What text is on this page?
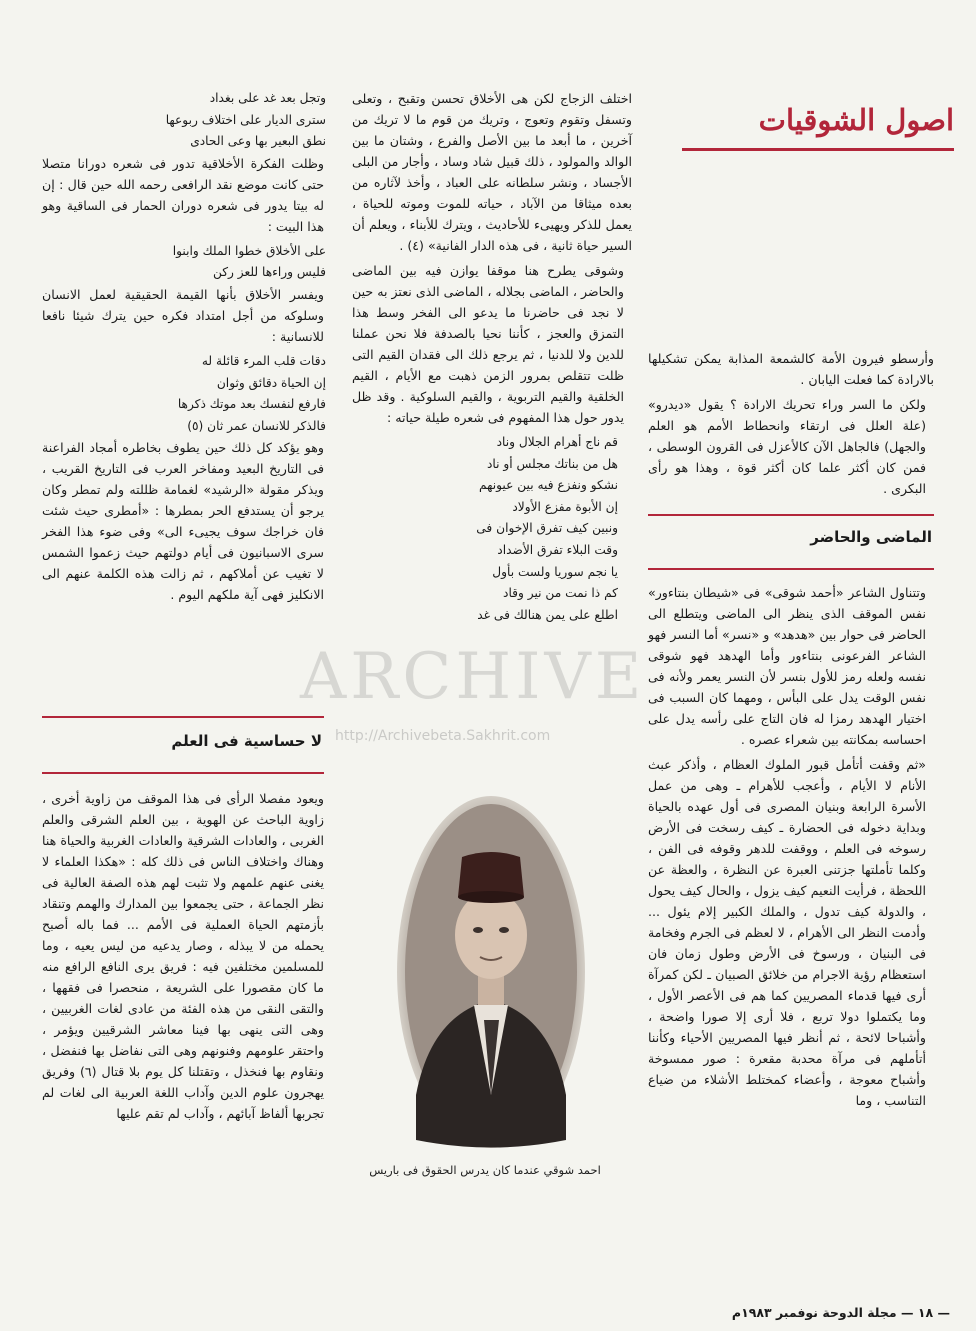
اصول الشوقيات
وتجل بعد غد على بغداد
سترى الديار على اختلاف ربوعها
نطق البعير بها وعى الحادى

وظلت الفكرة الأخلاقية تدور فى شعره دورانا متصلا حتى كانت موضع نقد الرافعى رحمه الله حين قال : إن له بيتا يدور فى شعره دوران الحمار فى الساقية وهو هذا البيت :

على الأخلاق خطوا الملك وابنوا
فليس وراءها للعز ركن

ويفسر الأخلاق بأنها القيمة الحقيقية لعمل الانسان وسلوكه من أجل امتداد فكره حين يترك شيئا نافعا للانسانية :

دقات قلب المرء قائلة له
إن الحياة دقائق وثوان
فارفع لنفسك بعد موتك ذكرها
فالذكر للانسان عمر ثان (٥)

وهو يؤكد كل ذلك حين يطوف بخاطره أمجاد الفراعنة فى التاريخ البعيد ومفاخر العرب فى التاريخ القريب ، ويذكر مقولة «الرشيد» لغمامة ظللته ولم تمطر وكان يرجو أن يستدفع الحر بمطرها : «أمطرى حيث شئت فان خراجك سوف يجيىء الى» وفى ضوء هذا الفخر سرى الاسبانيون فى أيام دولتهم حيث زعموا الشمس لا تغيب عن أملاكهم ، ثم زالت هذه الكلمة عنهم الى الانكليز فهى آية ملكهم اليوم .

لا حساسية فى العلم

ويعود مفصلا الرأى فى هذا الموقف من زاوية أخرى ، زاوية الباحث عن الهوية ، بين العلم الشرقى والعلم الغربى ، والعادات الشرقية والعادات الغربية والحياة هنا وهناك واختلاف الناس فى ذلك كله : «هكذا العلماء لا يغنى عنهم علمهم ولا تثبت لهم هذه الصفة العالية فى نظر الجماعة ، حتى يجمعوا بين المدارك والهمم وتنقاد بأزمتهم الحياة العملية فى الأمم ... فما باله أصبح يحمله من لا يبذله ، وصار يدعيه من ليس يعيه ، وما للمسلمين مختلفين فيه : فريق يرى النافع الرافع منه ما كان مقصورا على الشريعة ، منحصرا فى فقهها ، والتقى النقى من هذه الفئة من عادى لغات الغربيين ، وهى التى ينهى بها فينا معاشر الشرقيين ويؤمر ، واحتقر علومهم وفنونهم وهى التى نفاضل بها فنفضل ، ونقاوم بها فنخذل ، وتقتلنا كل يوم بلا قتال (٦) وفريق يهجرون علوم الدين وآداب اللغة العربية الى لغات لم تجربها ألفاظ آبائهم ، وآداب لم تقم عليها

اختلف الزجاج لكن هى الأخلاق تحسن وتقبح ، وتعلى وتسفل وتقوم وتعوج ، وتريك من قوم ما لا تريك من آخرين ، ما أبعد ما بين الأصل والفرع ، وشتان ما بين الوالد والمولود ، ذلك قبيل شاد وساد ، وأجار من البلى الأجساد ، ونشر سلطانه على العباد ، وأخذ لآثاره من بعده ميثاقا من الآباد ، حياته للموت وموته للحياة ، يعمل للذكر ويهيىء للأحاديث ، ويترك للأبناء ، ويعلم أن السير حياة ثانية ، فى هذه الدار الفانية» (٤) .

وشوقى يطرح هنا موقفا يوازن فيه بين الماضى والحاضر ، الماضى بجلاله ، الماضى الذى نعتز به حين لا نجد فى حاضرنا ما يدعو الى الفخر وسط هذا التمزق والعجز ، كأننا نحيا بالصدفة فلا نحن عملنا للدين ولا للدنيا ، ثم يرجع ذلك الى فقدان القيم التى ظلت تتقلص بمرور الزمن ذهبت مع الأيام ، القيم الخلقية والقيم التربوية ، والقيم السلوكية . وقد ظل يدور حول هذا المفهوم فى شعره طيلة حياته :

قم ناج أهرام الجلال وناد
هل من بناتك مجلس أو ناد
نشكو ونفزع فيه بين عيونهم
إن الأبوة مفزع الأولاد
ونبين كيف تفرق الإخوان فى
وقت البلاء تفرق الأضداد
يا نجم سوريا ولست بأول
كم ذا نمت من نير وقاد
اطلع على يمن هنالك فى غد
احمد شوقي عندما كان يدرس الحقوق فى باريس

وأرسطو فيرون الأمة كالشمعة المذابة يمكن تشكيلها بالارادة كما فعلت اليابان .

ولكن ما السر وراء تحريك الارادة ؟ يقول «ديدرو» (علة العلل فى ارتقاء وانحطاط الأمم هو العلم والجهل) فالجاهل الآن كالأعزل فى القرون الوسطى ، فمن كان أكثر علما كان أكثر قوة ، وهذا هو رأى البكرى .

الماضى والحاضر

وتتناول الشاعر «أحمد شوقى» فى «شيطان بنتاءور» نفس الموقف الذى ينظر الى الماضى ويتطلع الى الحاضر فى حوار بين «هدهد» و «نسر» أما النسر فهو الشاعر الفرعونى بنتاءور وأما الهدهد فهو شوقى نفسه ولعله رمز للأول بنسر لأن النسر يعمر ولأنه فى نفس الوقت يدل على البأس ، ومهما كان السبب فى اختيار الهدهد رمزا له فان التاج على رأسه يدل على احساسه بمكانته بين شعراء عصره .

«ثم وقفت أتأمل قبور الملوك العظام ، وأذكر عبث الأنام لا الأيام ، وأعجب للأهرام ـ وهى من عمل الأسرة الرابعة وبنيان المصرى فى أول عهده بالحياة وبداية دخوله فى الحضارة ـ كيف رسخت فى الأرض رسوخه فى العلم ، ووقفت للدهر وقوفه فى الفن ، وكلما تأملتها جزتنى العبرة عن النظرة ، والعظة عن اللحظة ، فرأيت النعيم كيف يزول ، والحال كيف يحول ، والدولة كيف تدول ، والملك الكبير إلام يئول ... وأدمت النظر الى الأهرام ، لا لعظم فى الجرم وفخامة فى البنيان ، ورسوخ فى الأرض وطول زمان فان استعظام رؤية الاجرام من خلائق الصبيان ـ لكن كمرآة أرى فيها قدماء المصريين كما هم فى الأعصر الأول ، وما يكتملوا دولا تربع ، فلا أرى إلا صورا واضحة ، وأشباحا لائحة ، ثم أنظر فيها المصريين الأحياء وكأننا أتأملهم فى مرآة محدبة مقعرة : صور ممسوخة وأشباح معوجة ، وأعضاء كمختلط الأشلاء من ضياع التناسب ، وما

ARCHIVE
http://Archivebeta.Sakhrit.com
— ١٨ — مجلة الدوحة نوفمبر ١٩٨٣م
